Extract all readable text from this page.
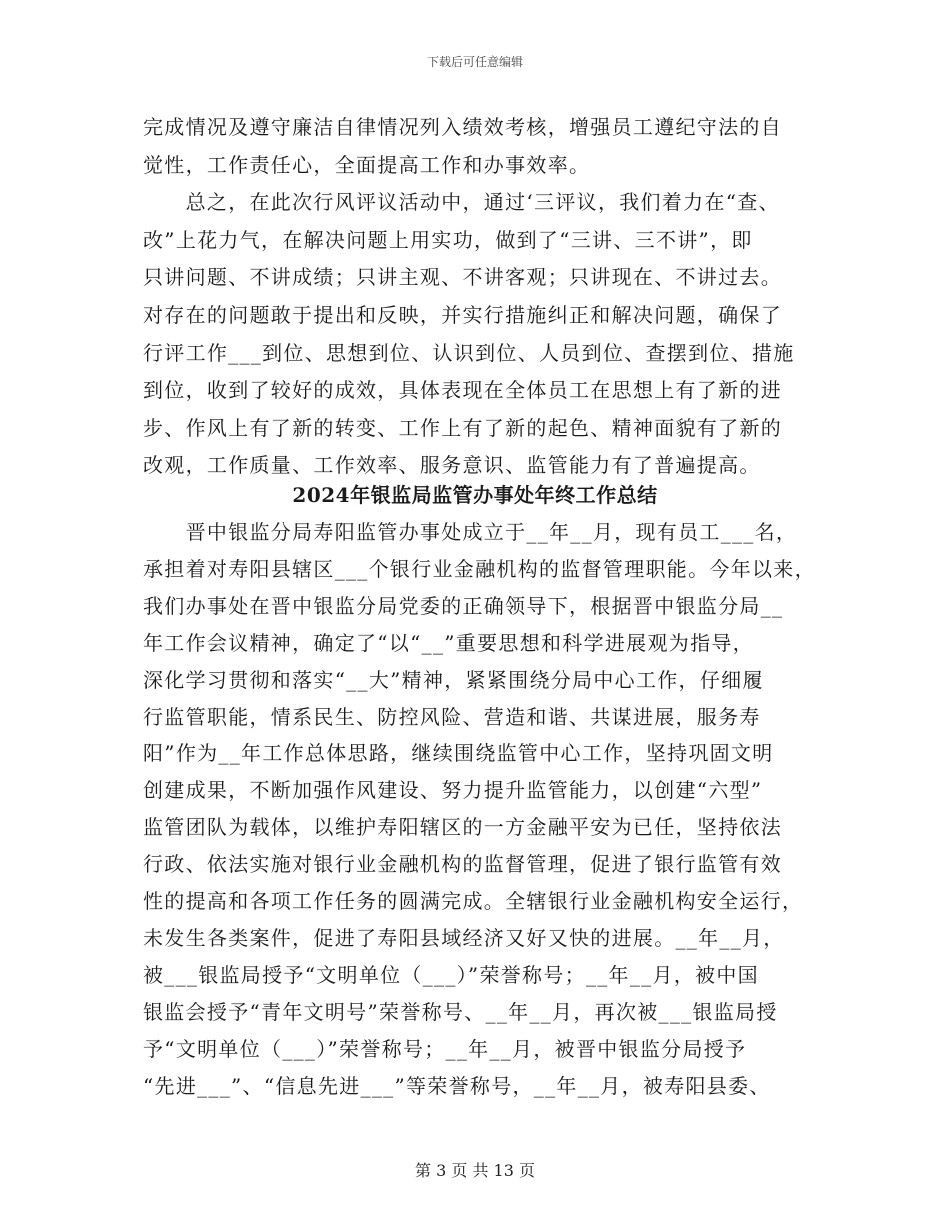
下载后可任意编辑
完成情况及遵守廉洁自律情况列入绩效考核，增强员工遵纪守法的自
觉性，工作责任心，全面提高工作和办事效率。
　　总之，在此次行风评议活动中，通过‘三评议，我们着力在“查、
改”上花力气，在解决问题上用实功，做到了“三讲、三不讲”，即
只讲问题、不讲成绩；只讲主观、不讲客观；只讲现在、不讲过去。
对存在的问题敢于提出和反映，并实行措施纠正和解决问题，确保了
行评工作___到位、思想到位、认识到位、人员到位、查摆到位、措施
到位，收到了较好的成效，具体表现在全体员工在思想上有了新的进
步、作风上有了新的转变、工作上有了新的起色、精神面貌有了新的
改观，工作质量、工作效率、服务意识、监管能力有了普遍提高。
2024年银监局监管办事处年终工作总结
　　晋中银监分局寿阳监管办事处成立于__年__月，现有员工___名，
承担着对寿阳县辖区___个银行业金融机构的监督管理职能。今年以来，
我们办事处在晋中银监分局党委的正确领导下，根据晋中银监分局__
年工作会议精神，确定了“以“__”重要思想和科学进展观为指导，
深化学习贯彻和落实“__大”精神，紧紧围绕分局中心工作，仔细履
行监管职能，情系民生、防控风险、营造和谐、共谋进展，服务寿
阳”作为__年工作总体思路，继续围绕监管中心工作，坚持巩固文明
创建成果，不断加强作风建设、努力提升监管能力，以创建“六型”
监管团队为载体，以维护寿阳辖区的一方金融平安为已任，坚持依法
行政、依法实施对银行业金融机构的监督管理，促进了银行监管有效
性的提高和各项工作任务的圆满完成。全辖银行业金融机构安全运行，
未发生各类案件，促进了寿阳县域经济又好又快的进展。__年__月，
被___银监局授予“文明单位（___）”荣誉称号；__年__月，被中国
银监会授予“青年文明号”荣誉称号、__年__月，再次被___银监局授
予“文明单位（___）”荣誉称号；__年__月，被晋中银监分局授予
“先进___”、“信息先进___”等荣誉称号，__年__月，被寿阳县委、
第 3 页 共 13 页
